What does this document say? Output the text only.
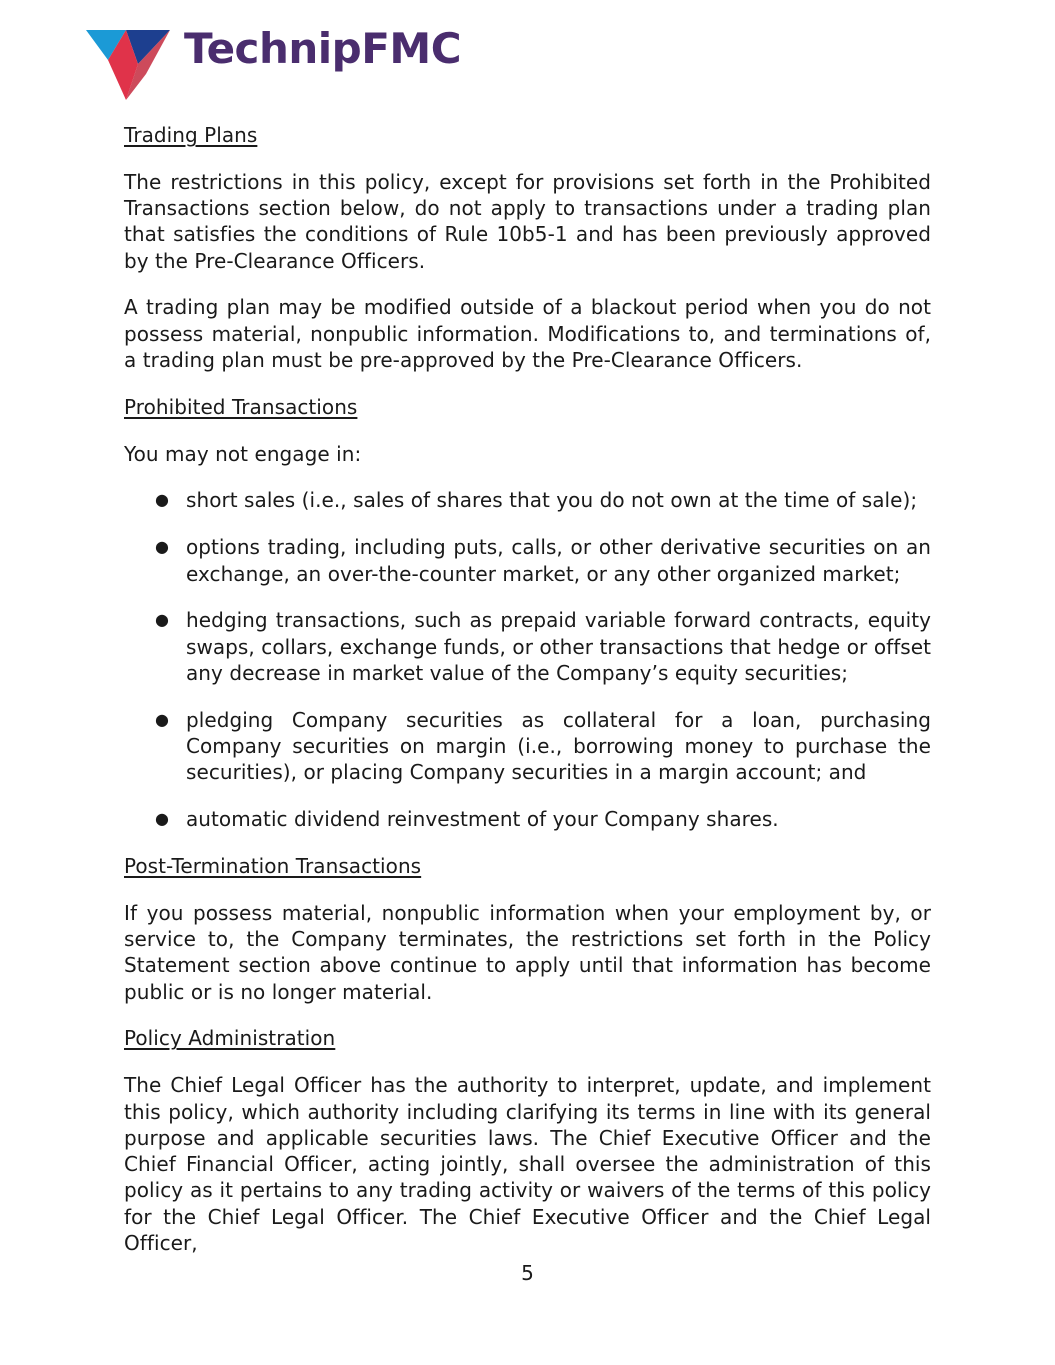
TechnipFMC
Trading Plans

The restrictions in this policy, except for provisions set forth in the Prohibited Transactions section below, do not apply to transactions under a trading plan that satisfies the conditions of Rule 10b5-1 and has been previously approved by the Pre-Clearance Officers.

A trading plan may be modified outside of a blackout period when you do not possess material, nonpublic information. Modifications to, and terminations of, a trading plan must be pre-approved by the Pre-Clearance Officers.

Prohibited Transactions

You may not engage in:

● short sales (i.e., sales of shares that you do not own at the time of sale);
● options trading, including puts, calls, or other derivative securities on an exchange, an over-the-counter market, or any other organized market;
● hedging transactions, such as prepaid variable forward contracts, equity swaps, collars, exchange funds, or other transactions that hedge or offset any decrease in market value of the Company’s equity securities;
● pledging Company securities as collateral for a loan, purchasing Company securities on margin (i.e., borrowing money to purchase the securities), or placing Company securities in a margin account; and
● automatic dividend reinvestment of your Company shares.
Post-Termination Transactions

If you possess material, nonpublic information when your employment by, or service to, the Company terminates, the restrictions set forth in the Policy Statement section above continue to apply until that information has become public or is no longer material.

Policy Administration

The Chief Legal Officer has the authority to interpret, update, and implement this policy, which authority including clarifying its terms in line with its general purpose and applicable securities laws. The Chief Executive Officer and the Chief Financial Officer, acting jointly, shall oversee the administration of this policy as it pertains to any trading activity or waivers of the terms of this policy for the Chief Legal Officer. The Chief Executive Officer and the Chief Legal Officer,

5
